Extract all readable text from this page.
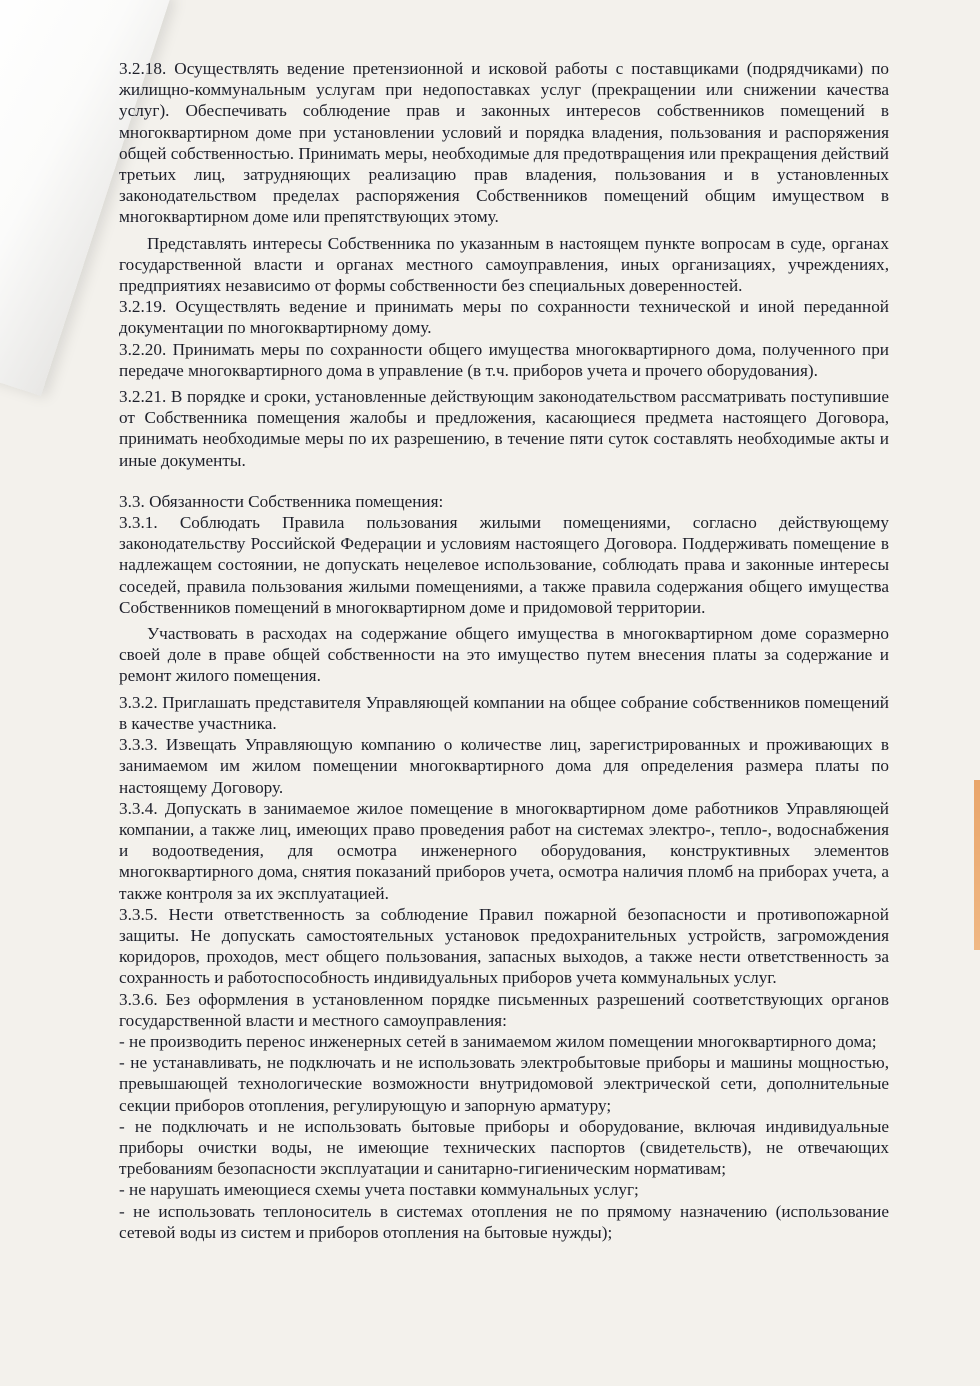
3.2.18. Осуществлять ведение претензионной и исковой работы с поставщиками (подрядчиками) по жилищно-коммунальным услугам при недопоставках услуг (прекращении или снижении качества услуг). Обеспечивать соблюдение прав и законных интересов собственников помещений в многоквартирном доме при установлении условий и порядка владения, пользования и распоряжения общей собственностью. Принимать меры, необходимые для предотвращения или прекращения действий третьих лиц, затрудняющих реализацию прав владения, пользования и в установленных законодательством пределах распоряжения Собственников помещений общим имуществом в многоквартирном доме или препятствующих этому.

Представлять интересы Собственника по указанным в настоящем пункте вопросам в суде, органах государственной власти и органах местного самоуправления, иных организациях, учреждениях, предприятиях независимо от формы собственности без специальных доверенностей.

3.2.19. Осуществлять ведение и принимать меры по сохранности технической и иной переданной документации по многоквартирному дому.

3.2.20. Принимать меры по сохранности общего имущества многоквартирного дома, полученного при передаче многоквартирного дома в управление (в т.ч. приборов учета и прочего оборудования).

3.2.21. В порядке и сроки, установленные действующим законодательством рассматривать поступившие от Собственника помещения жалобы и предложения, касающиеся предмета настоящего Договора, принимать необходимые меры по их разрешению, в течение пяти суток составлять необходимые акты и иные документы.

3.3. Обязанности Собственника помещения:

3.3.1. Соблюдать Правила пользования жилыми помещениями, согласно действующему законодательству Российской Федерации и условиям настоящего Договора. Поддерживать помещение в надлежащем состоянии, не допускать нецелевое использование, соблюдать права и законные интересы соседей, правила пользования жилыми помещениями, а также правила содержания общего имущества Собственников помещений в многоквартирном доме и придомовой территории.

Участвовать в расходах на содержание общего имущества в многоквартирном доме соразмерно своей доле в праве общей собственности на это имущество путем внесения платы за содержание и ремонт жилого помещения.

3.3.2. Приглашать представителя Управляющей компании на общее собрание собственников помещений в качестве участника.

3.3.3. Извещать Управляющую компанию о количестве лиц, зарегистрированных и проживающих в занимаемом им жилом помещении многоквартирного дома для определения размера платы по настоящему Договору.

3.3.4. Допускать в занимаемое жилое помещение в многоквартирном доме работников Управляющей компании, а также лиц, имеющих право проведения работ на системах электро-, тепло-, водоснабжения и водоотведения, для осмотра инженерного оборудования, конструктивных элементов многоквартирного дома, снятия показаний приборов учета, осмотра наличия пломб на приборах учета, а также контроля за их эксплуатацией.

3.3.5. Нести ответственность за соблюдение Правил пожарной безопасности и противопожарной защиты. Не допускать самостоятельных установок предохранительных устройств, загромождения коридоров, проходов, мест общего пользования, запасных выходов, а также нести ответственность за сохранность и работоспособность индивидуальных приборов учета коммунальных услуг.

3.3.6. Без оформления в установленном порядке письменных разрешений соответствующих органов государственной власти и местного самоуправления:

- не производить перенос инженерных сетей в занимаемом жилом помещении многоквартирного дома;

- не устанавливать, не подключать и не использовать электробытовые приборы и машины мощностью, превышающей технологические возможности внутридомовой электрической сети, дополнительные секции приборов отопления, регулирующую и запорную арматуру;

- не подключать и не использовать бытовые приборы и оборудование, включая индивидуальные приборы очистки воды, не имеющие технических паспортов (свидетельств), не отвечающих требованиям безопасности эксплуатации и санитарно-гигиеническим нормативам;

- не нарушать имеющиеся схемы учета поставки коммунальных услуг;

- не использовать теплоноситель в системах отопления не по прямому назначению (использование сетевой воды из систем и приборов отопления на бытовые нужды);
